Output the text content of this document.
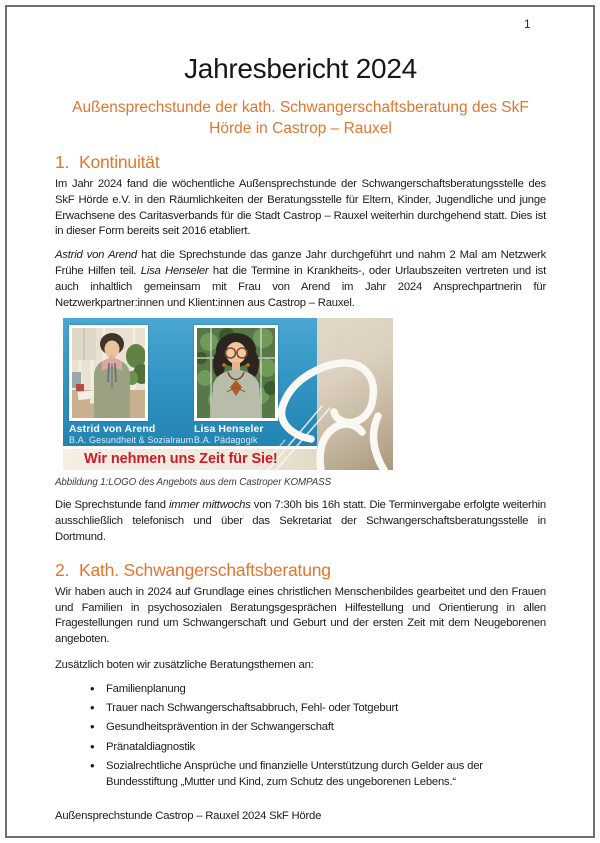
1
Jahresbericht 2024
Außensprechstunde der kath. Schwangerschaftsberatung des SkF Hörde in Castrop – Rauxel
1. Kontinuität

Im Jahr 2024 fand die wöchentliche Außensprechstunde der Schwangerschaftsberatungsstelle des SkF Hörde e.V. in den Räumlichkeiten der Beratungsstelle für Eltern, Kinder, Jugendliche und junge Erwachsene des Caritasverbands für die Stadt Castrop – Rauxel weiterhin durchgehend statt. Dies ist in dieser Form bereits seit 2016 etabliert.

Astrid von Arend hat die Sprechstunde das ganze Jahr durchgeführt und nahm 2 Mal am Netzwerk Frühe Hilfen teil. Lisa Henseler hat die Termine in Krankheits-, oder Urlaubszeiten vertreten und ist auch inhaltlich gemeinsam mit Frau von Arend im Jahr 2024 Ansprechpartnerin für Netzwerkpartner:innen und Klient:innen aus Castrop – Rauxel.

Astrid von Arend
B.A. Gesundheit & Sozialraum
Lisa Henseler
B.A. Pädagogik
Wir nehmen uns Zeit für Sie!
Abbildung 1:LOGO des Angebots aus dem Castroper KOMPASS

Die Sprechstunde fand immer mittwochs von 7:30h bis 16h statt. Die Terminvergabe erfolgte weiterhin ausschließlich telefonisch und über das Sekretariat der Schwangerschaftsberatungsstelle in Dortmund.

2. Kath. Schwangerschaftsberatung

Wir haben auch in 2024 auf Grundlage eines christlichen Menschenbildes gearbeitet und den Frauen und Familien in psychosozialen Beratungsgesprächen Hilfestellung und Orientierung in allen Fragestellungen rund um Schwangerschaft und Geburt und der ersten Zeit mit dem Neugeborenen angeboten.

Zusätzlich boten wir zusätzliche Beratungsthemen an:

• Familienplanung
• Trauer nach Schwangerschaftsabbruch, Fehl- oder Totgeburt
• Gesundheitsprävention in der Schwangerschaft
• Pränataldiagnostik
• Sozialrechtliche Ansprüche und finanzielle Unterstützung durch Gelder aus der Bundesstiftung „Mutter und Kind, zum Schutz des ungeborenen Lebens.“
Außensprechstunde Castrop – Rauxel 2024 SkF Hörde
